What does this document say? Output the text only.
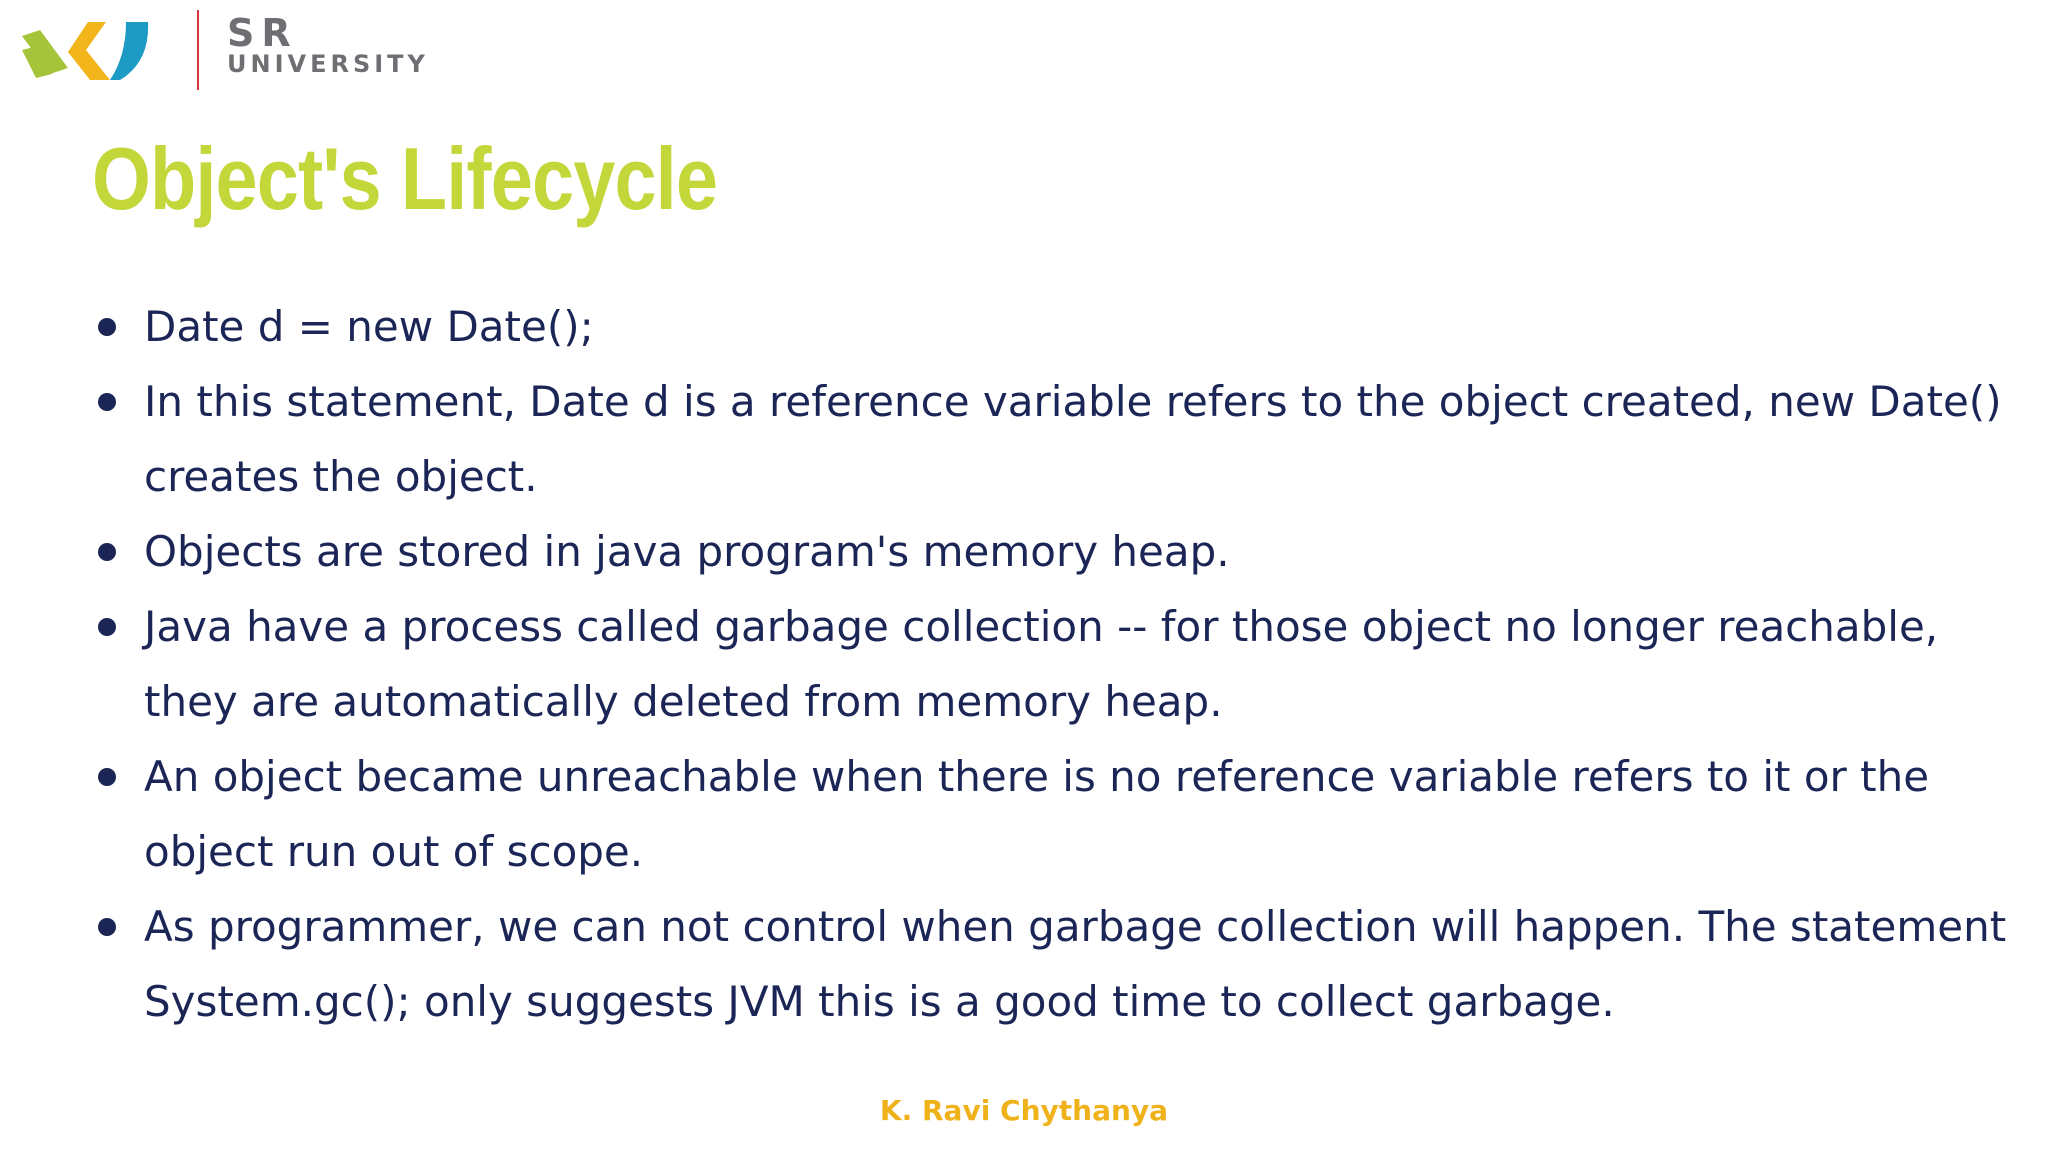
SR
UNIVERSITY
Object's Lifecycle
Date d = new Date();
In this statement, Date d is a reference variable refers to the object created, new Date() creates the object.
Objects are stored in java program's memory heap.
Java have a process called garbage collection -- for those object no longer reachable, they are automatically deleted from memory heap.
An object became unreachable when there is no reference variable refers to it or the object run out of scope.
As programmer, we can not control when garbage collection will happen. The statement System.gc(); only suggests JVM this is a good time to collect garbage.
K. Ravi Chythanya
